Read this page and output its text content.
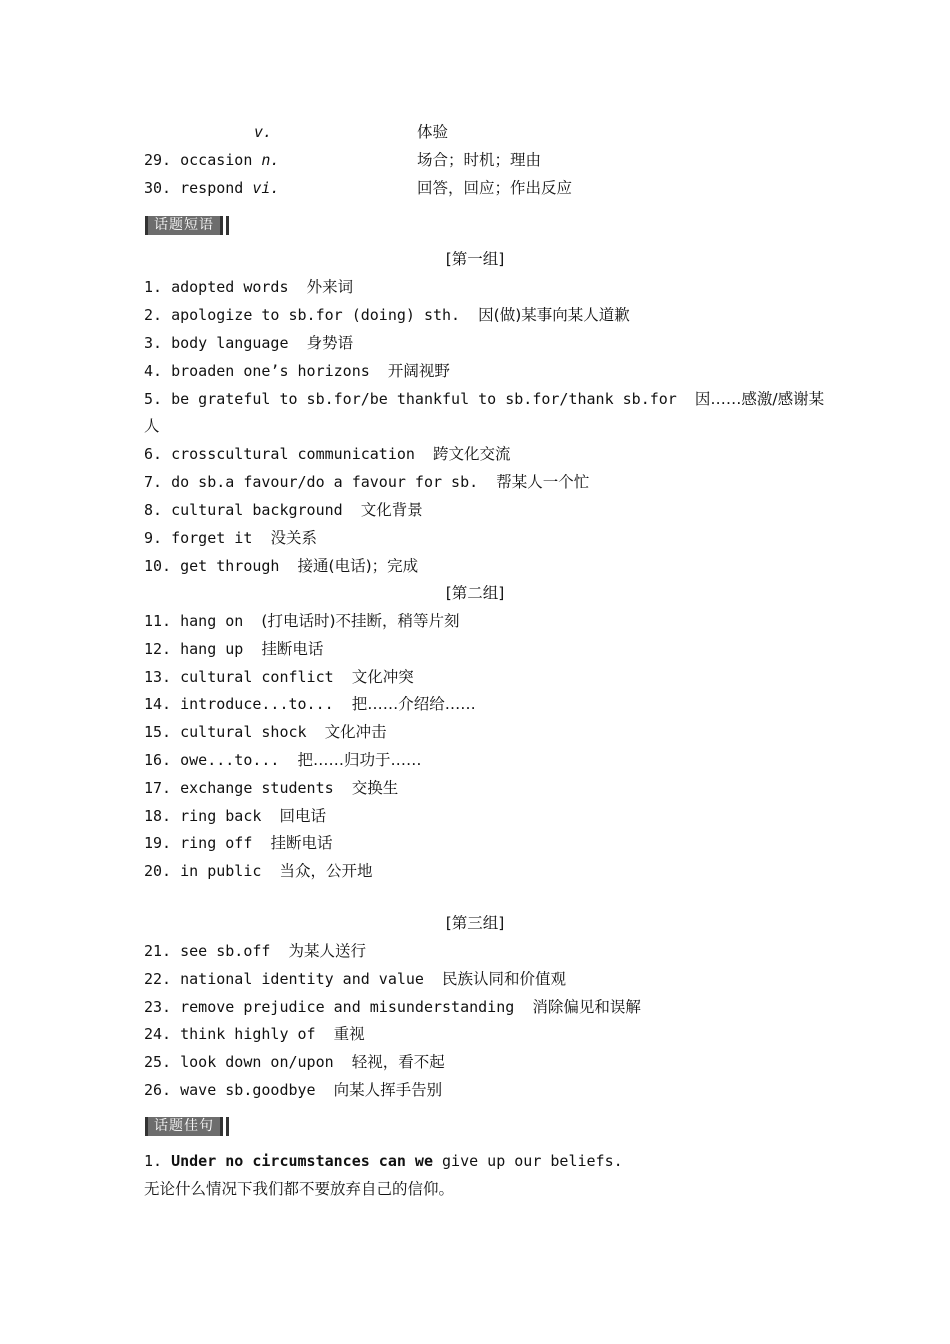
v.	体验
29. occasion n.	场合；时机；理由
30. respond vi.	回答，回应；作出反应
话题短语
[第一组]
1. adopted words 外来词
2. apologize to sb.for (doing) sth. 因(做)某事向某人道歉
3. body language 身势语
4. broaden one’s horizons 开阔视野
5. be grateful to sb.for/be thankful to sb.for/thank sb.for 因……感激/感谢某
6. crosscultural communication 跨文化交流
7. do sb.a favour/do a favour for sb. 帮某人一个忙
8. cultural background 文化背景
9. forget it 没关系
10. get through 接通(电话)；完成
人
[第二组]
11. hang on (打电话时)不挂断，稍等片刻
12. hang up 挂断电话
13. cultural conflict 文化冲突
14. introduce...to... 把……介绍给……
15. cultural shock 文化冲击
16. owe...to... 把……归功于……
17. exchange students 交换生
18. ring back 回电话
19. ring off 挂断电话
20. in public 当众，公开地
[第三组]
21. see sb.off 为某人送行
22. national identity and value 民族认同和价值观
23. remove prejudice and misunderstanding 消除偏见和误解
24. think highly of 重视
25. look down on/upon 轻视，看不起
26. wave sb.goodbye 向某人挥手告别
话题佳句
1. Under no circumstances can we give up our beliefs.
无论什么情况下我们都不要放弃自己的信仰。
